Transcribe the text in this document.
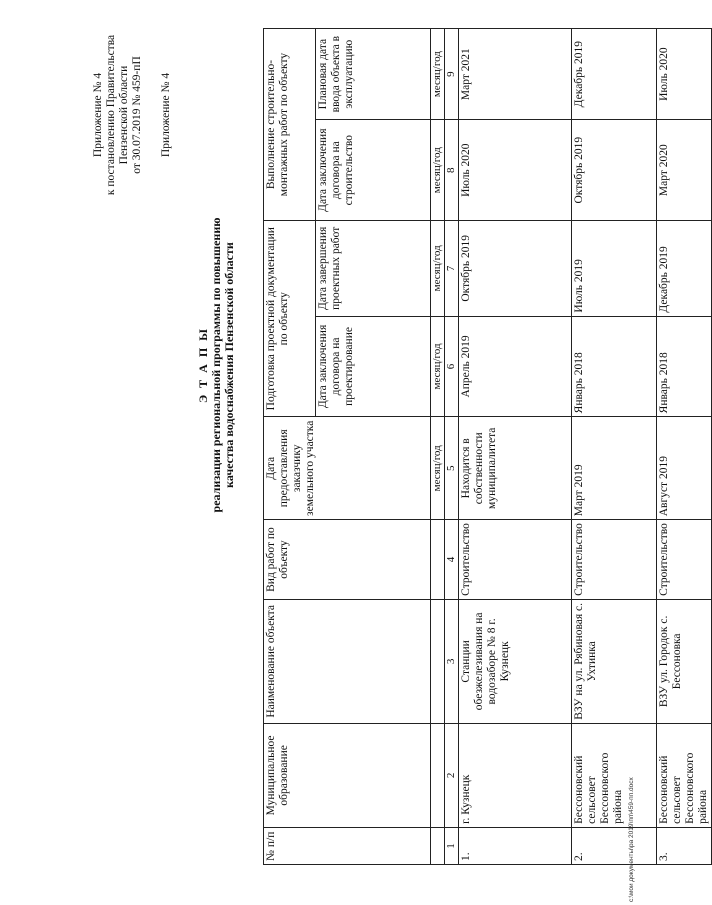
Приложение № 4 к постановлению Правительства Пензенской области от 30.07.2019 № 459-пП Приложение № 4
Э Т А П Ы реализации региональной программы по повышению качества водоснабжения Пензенской области
№ п/п	Муниципальное образование	Наименование объекта	Вид работ по объекту	Дата предоставления заказчику земельного участка	Подготовка проектной документации по объекту		Выполнение строительно-монтажных работ по объекту	
					Дата заключения договора на проектирование	Дата завершения проектных работ	Дата заключения договора на строительство	Плановая дата ввода объекта в эксплуатацию
				месяц/год	месяц/год	месяц/год	месяц/год	месяц/год
1	2	3	4	5	6	7	8	9
1.	г. Кузнецк	Станции обезжелезивания на водозаборе № 8 г. Кузнецк	Строительство	Находится в собственности муниципалитета	Апрель 2019	Октябрь 2019	Июль 2020	Март 2021
2.	Бессоновский сельсовет Бессоновского района	ВЗУ на ул. Рябиновая с. Ухтинка	Строительство	Март 2019	Январь 2018	Июль 2019	Октябрь 2019	Декабрь 2019
3.	Бессоновский сельсовет Бессоновского района	ВЗУ ул. Городок с. Бессоновка	Строительство	Август 2019	Январь 2018	Декабрь 2019	Март 2020	Июль 2020
c:\мои документы\ра 2019\пп\459-пп.docx
